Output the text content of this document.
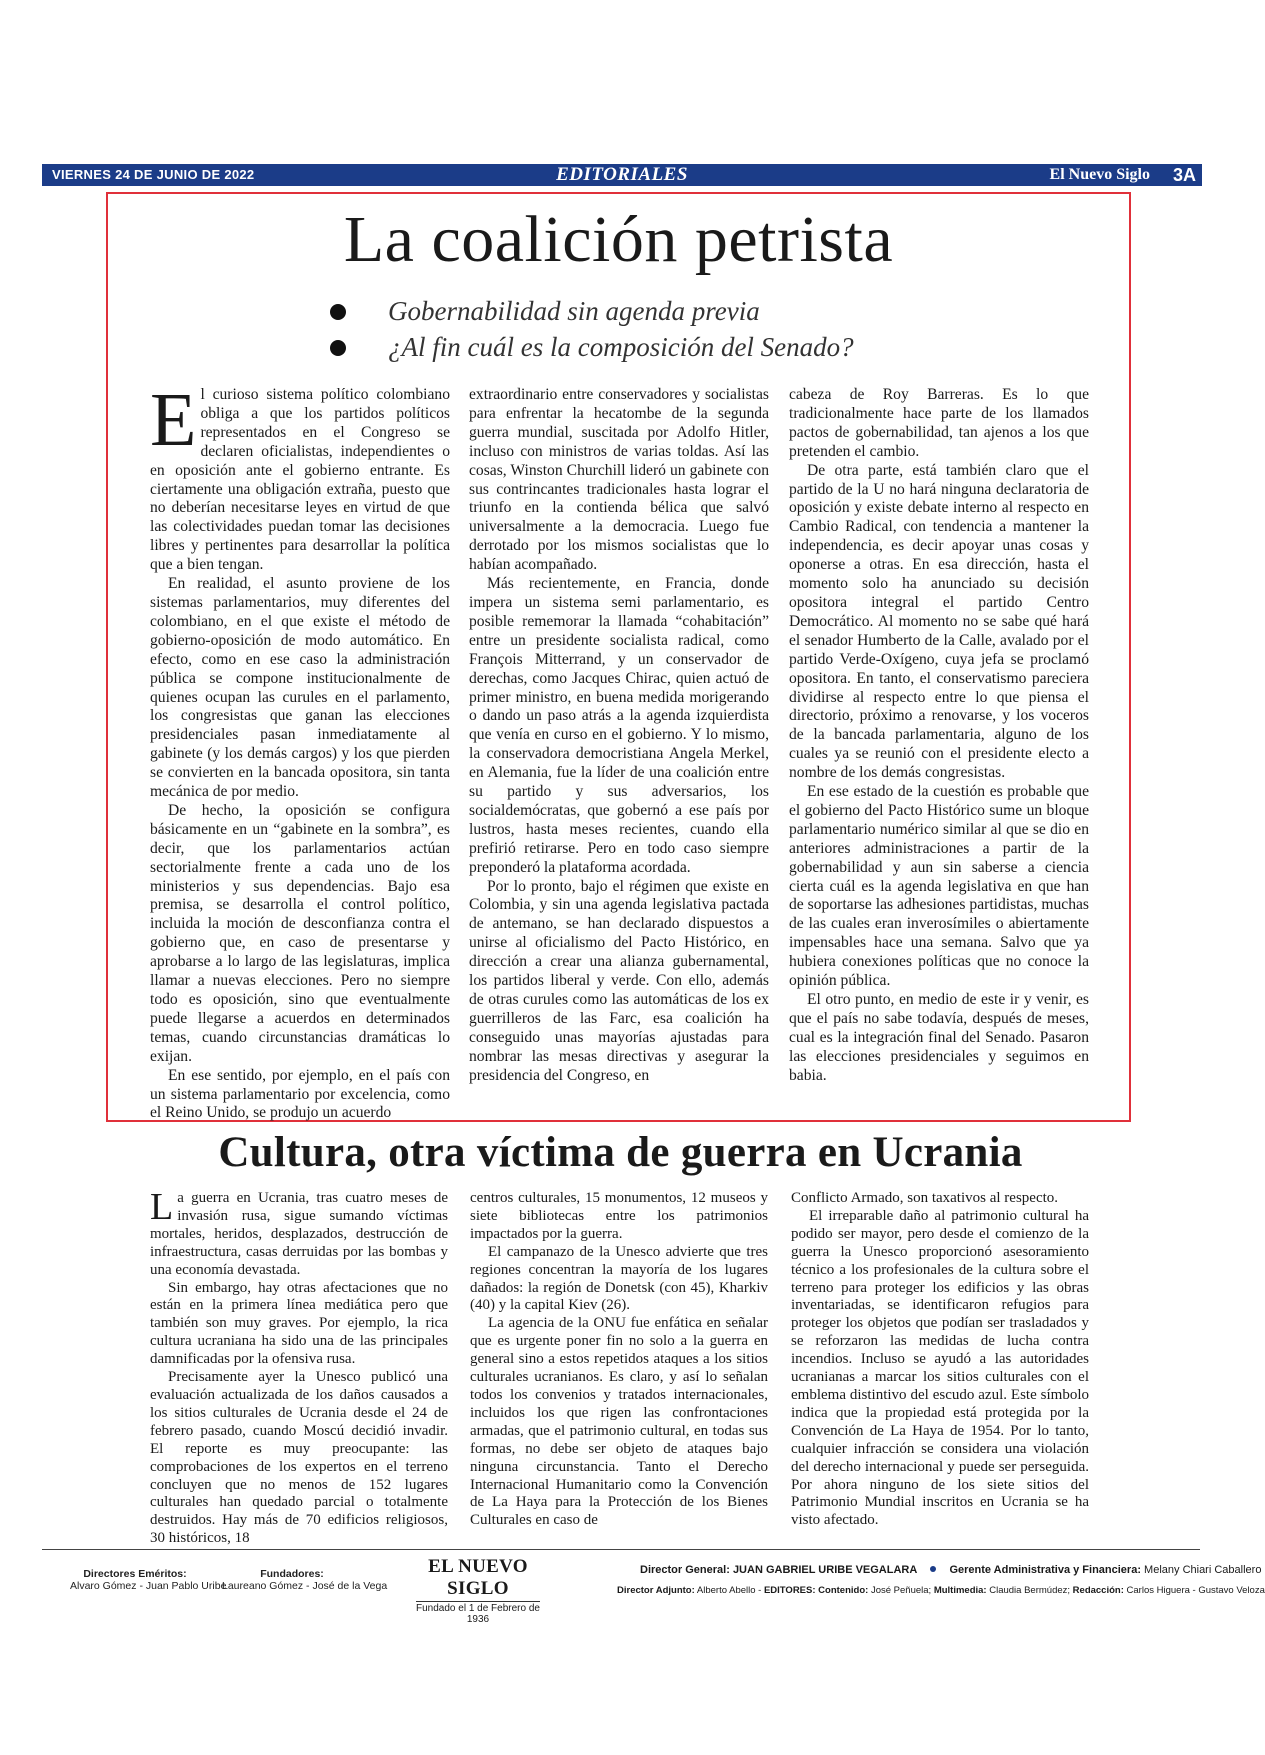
VIERNES 24 DE JUNIO DE 2022	EDITORIALES	El Nuevo Siglo 3A
La coalición petrista
Gobernabilidad sin agenda previa
¿Al fin cuál es la composición del Senado?

El curioso sistema político colombiano obliga a que los partidos políticos representados en el Congreso se declaren oficialistas, independientes o en oposición ante el gobierno entrante. Es ciertamente una obligación extraña, puesto que no deberían necesitarse leyes en virtud de que las colectividades puedan tomar las decisiones libres y pertinentes para desarrollar la política que a bien tengan.

En realidad, el asunto proviene de los sistemas parlamentarios, muy diferentes del colombiano, en el que existe el método de gobierno-oposición de modo automático. En efecto, como en ese caso la administración pública se compone institucionalmente de quienes ocupan las curules en el parlamento, los congresistas que ganan las elecciones presidenciales pasan inmediatamente al gabinete (y los demás cargos) y los que pierden se convierten en la bancada opositora, sin tanta mecánica de por medio.

De hecho, la oposición se configura básicamente en un “gabinete en la sombra”, es decir, que los parlamentarios actúan sectorialmente frente a cada uno de los ministerios y sus dependencias. Bajo esa premisa, se desarrolla el control político, incluida la moción de desconfianza contra el gobierno que, en caso de presentarse y aprobarse a lo largo de las legislaturas, implica llamar a nuevas elecciones. Pero no siempre todo es oposición, sino que eventualmente puede llegarse a acuerdos en determinados temas, cuando circunstancias dramáticas lo exijan.

En ese sentido, por ejemplo, en el país con un sistema parlamentario por excelencia, como el Reino Unido, se produjo un acuerdo

extraordinario entre conservadores y socialistas para enfrentar la hecatombe de la segunda guerra mundial, suscitada por Adolfo Hitler, incluso con ministros de varias toldas. Así las cosas, Winston Churchill lideró un gabinete con sus contrincantes tradicionales hasta lograr el triunfo en la contienda bélica que salvó universalmente a la democracia. Luego fue derrotado por los mismos socialistas que lo habían acompañado.

Más recientemente, en Francia, donde impera un sistema semi parlamentario, es posible rememorar la llamada “cohabitación” entre un presidente socialista radical, como François Mitterrand, y un conservador de derechas, como Jacques Chirac, quien actuó de primer ministro, en buena medida morigerando o dando un paso atrás a la agenda izquierdista que venía en curso en el gobierno. Y lo mismo, la conservadora democristiana Angela Merkel, en Alemania, fue la líder de una coalición entre su partido y sus adversarios, los socialdemócratas, que gobernó a ese país por lustros, hasta meses recientes, cuando ella prefirió retirarse. Pero en todo caso siempre preponderó la plataforma acordada.

Por lo pronto, bajo el régimen que existe en Colombia, y sin una agenda legislativa pactada de antemano, se han declarado dispuestos a unirse al oficialismo del Pacto Histórico, en dirección a crear una alianza gubernamental, los partidos liberal y verde. Con ello, además de otras curules como las automáticas de los ex guerrilleros de las Farc, esa coalición ha conseguido unas mayorías ajustadas para nombrar las mesas directivas y asegurar la presidencia del Congreso, en

cabeza de Roy Barreras. Es lo que tradicionalmente hace parte de los llamados pactos de gobernabilidad, tan ajenos a los que pretenden el cambio.

De otra parte, está también claro que el partido de la U no hará ninguna declaratoria de oposición y existe debate interno al respecto en Cambio Radical, con tendencia a mantener la independencia, es decir apoyar unas cosas y oponerse a otras. En esa dirección, hasta el momento solo ha anunciado su decisión opositora integral el partido Centro Democrático. Al momento no se sabe qué hará el senador Humberto de la Calle, avalado por el partido Verde-Oxígeno, cuya jefa se proclamó opositora. En tanto, el conservatismo pareciera dividirse al respecto entre lo que piensa el directorio, próximo a renovarse, y los voceros de la bancada parlamentaria, alguno de los cuales ya se reunió con el presidente electo a nombre de los demás congresistas.

En ese estado de la cuestión es probable que el gobierno del Pacto Histórico sume un bloque parlamentario numérico similar al que se dio en anteriores administraciones a partir de la gobernabilidad y aun sin saberse a ciencia cierta cuál es la agenda legislativa en que han de soportarse las adhesiones partidistas, muchas de las cuales eran inverosímiles o abiertamente impensables hace una semana. Salvo que ya hubiera conexiones políticas que no conoce la opinión pública.

El otro punto, en medio de este ir y venir, es que el país no sabe todavía, después de meses, cual es la integración final del Senado. Pasaron las elecciones presidenciales y seguimos en babia.

Cultura, otra víctima de guerra en Ucrania

La guerra en Ucrania, tras cuatro meses de invasión rusa, sigue sumando víctimas mortales, heridos, desplazados, destrucción de infraestructura, casas derruidas por las bombas y una economía devastada.

Sin embargo, hay otras afectaciones que no están en la primera línea mediática pero que también son muy graves. Por ejemplo, la rica cultura ucraniana ha sido una de las principales damnificadas por la ofensiva rusa.

Precisamente ayer la Unesco publicó una evaluación actualizada de los daños causados a los sitios culturales de Ucrania desde el 24 de febrero pasado, cuando Moscú decidió invadir. El reporte es muy preocupante: las comprobaciones de los expertos en el terreno concluyen que no menos de 152 lugares culturales han quedado parcial o totalmente destruidos. Hay más de 70 edificios religiosos, 30 históricos, 18

centros culturales, 15 monumentos, 12 museos y siete bibliotecas entre los patrimonios impactados por la guerra.

El campanazo de la Unesco advierte que tres regiones concentran la mayoría de los lugares dañados: la región de Donetsk (con 45), Kharkiv (40) y la capital Kiev (26).

La agencia de la ONU fue enfática en señalar que es urgente poner fin no solo a la guerra en general sino a estos repetidos ataques a los sitios culturales ucranianos. Es claro, y así lo señalan todos los convenios y tratados internacionales, incluidos los que rigen las confrontaciones armadas, que el patrimonio cultural, en todas sus formas, no debe ser objeto de ataques bajo ninguna circunstancia. Tanto el Derecho Internacional Humanitario como la Convención de La Haya para la Protección de los Bienes Culturales en caso de

Conflicto Armado, son taxativos al respecto.

El irreparable daño al patrimonio cultural ha podido ser mayor, pero desde el comienzo de la guerra la Unesco proporcionó asesoramiento técnico a los profesionales de la cultura sobre el terreno para proteger los edificios y las obras inventariadas, se identificaron refugios para proteger los objetos que podían ser trasladados y se reforzaron las medidas de lucha contra incendios. Incluso se ayudó a las autoridades ucranianas a marcar los sitios culturales con el emblema distintivo del escudo azul. Este símbolo indica que la propiedad está protegida por la Convención de La Haya de 1954. Por lo tanto, cualquier infracción se considera una violación del derecho internacional y puede ser perseguida. Por ahora ninguno de los siete sitios del Patrimonio Mundial inscritos en Ucrania se ha visto afectado.

Directores Eméritos:
Alvaro Gómez - Juan Pablo Uribe
Fundadores:
Laureano Gómez - José de la Vega
EL NUEVO SIGLO
Fundado el 1 de Febrero de 1936
Director General: JUAN GABRIEL URIBE VEGALARA	Gerente Administrativa y Financiera: Melany Chiari Caballero
Director Adjunto: Alberto Abello - EDITORES: Contenido: José Peñuela; Multimedia: Claudia Bermúdez; Redacción: Carlos Higuera - Gustavo Veloza
